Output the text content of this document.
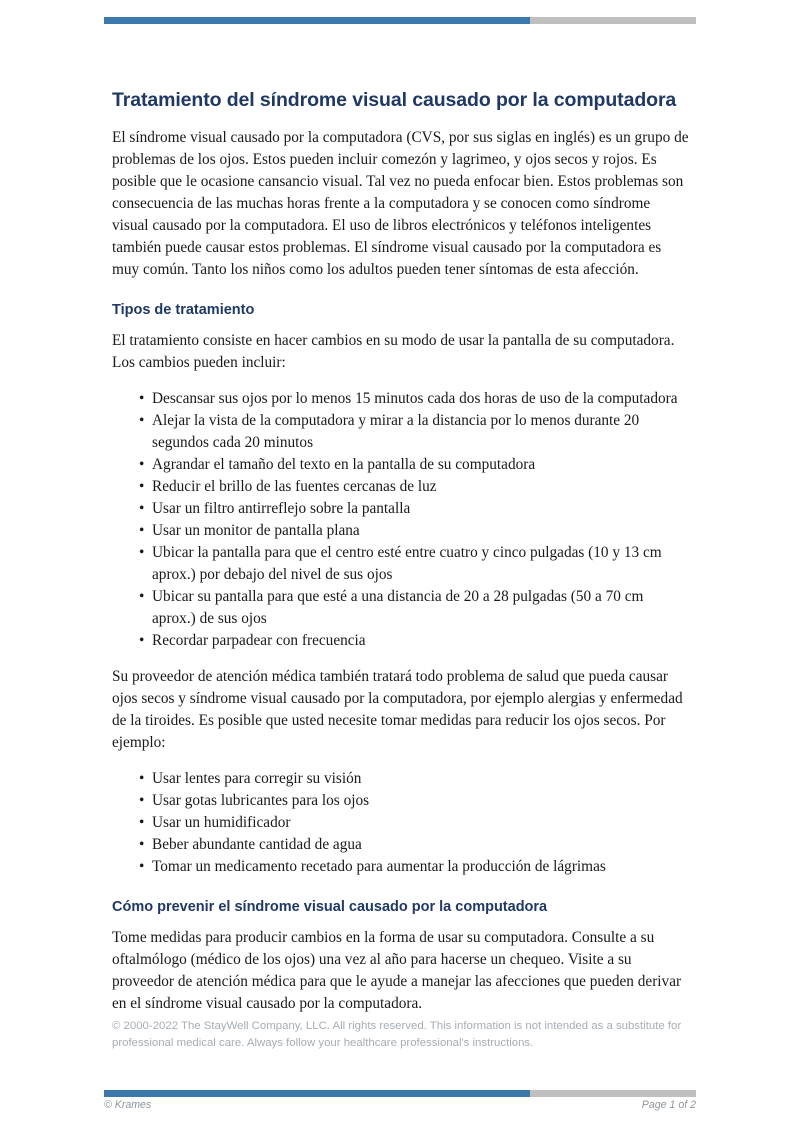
Tratamiento del síndrome visual causado por la computadora

El síndrome visual causado por la computadora (CVS, por sus siglas en inglés) es un grupo de problemas de los ojos. Estos pueden incluir comezón y lagrimeo, y ojos secos y rojos. Es posible que le ocasione cansancio visual. Tal vez no pueda enfocar bien. Estos problemas son consecuencia de las muchas horas frente a la computadora y se conocen como síndrome visual causado por la computadora. El uso de libros electrónicos y teléfonos inteligentes también puede causar estos problemas. El síndrome visual causado por la computadora es muy común. Tanto los niños como los adultos pueden tener síntomas de esta afección.

Tipos de tratamiento

El tratamiento consiste en hacer cambios en su modo de usar la pantalla de su computadora. Los cambios pueden incluir:

• Descansar sus ojos por lo menos 15 minutos cada dos horas de uso de la computadora
• Alejar la vista de la computadora y mirar a la distancia por lo menos durante 20 segundos cada 20 minutos
• Agrandar el tamaño del texto en la pantalla de su computadora
• Reducir el brillo de las fuentes cercanas de luz
• Usar un filtro antirreflejo sobre la pantalla
• Usar un monitor de pantalla plana
• Ubicar la pantalla para que el centro esté entre cuatro y cinco pulgadas (10 y 13 cm aprox.) por debajo del nivel de sus ojos
• Ubicar su pantalla para que esté a una distancia de 20 a 28 pulgadas (50 a 70 cm aprox.) de sus ojos
• Recordar parpadear con frecuencia

Su proveedor de atención médica también tratará todo problema de salud que pueda causar ojos secos y síndrome visual causado por la computadora, por ejemplo alergias y enfermedad de la tiroides. Es posible que usted necesite tomar medidas para reducir los ojos secos. Por ejemplo:

• Usar lentes para corregir su visión
• Usar gotas lubricantes para los ojos
• Usar un humidificador
• Beber abundante cantidad de agua
• Tomar un medicamento recetado para aumentar la producción de lágrimas
Cómo prevenir el síndrome visual causado por la computadora

Tome medidas para producir cambios en la forma de usar su computadora. Consulte a su oftalmólogo (médico de los ojos) una vez al año para hacerse un chequeo. Visite a su proveedor de atención médica para que le ayude a manejar las afecciones que pueden derivar en el síndrome visual causado por la computadora.

© 2000-2022 The StayWell Company, LLC. All rights reserved. This information is not intended as a substitute for professional medical care. Always follow your healthcare professional's instructions.
© Krames	Page 1 of 2
